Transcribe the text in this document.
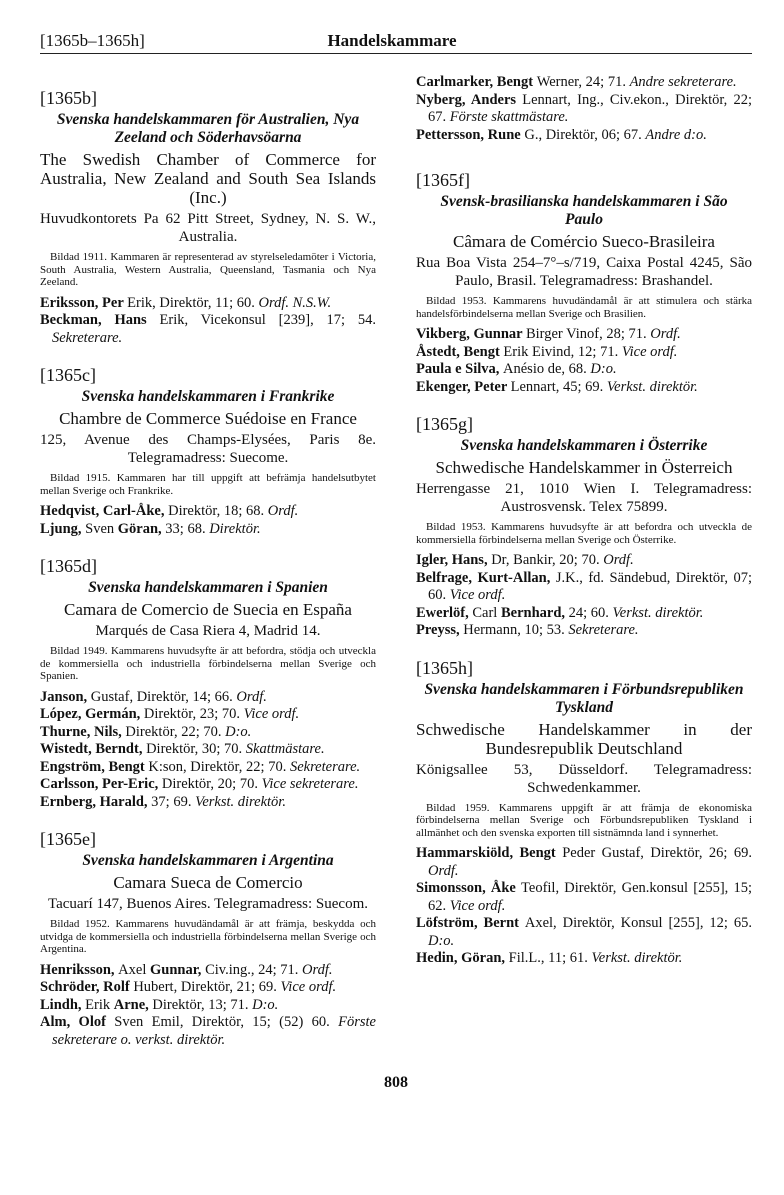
[1365b–1365h]	Handelskammare
[1365b]
Svenska handelskammaren för Australien, Nya Zeeland och Söderhavsöarna
The Swedish Chamber of Commerce for Australia, New Zealand and South Sea Islands (Inc.)
Huvudkontorets Pa 62 Pitt Street, Sydney, N. S. W., Australia.
Bildad 1911. Kammaren är representerad av styrelseledamöter i Victoria, South Australia, Western Australia, Queensland, Tasmania och Nya Zeeland.
Eriksson, Per Erik, Direktör, 11; 60. Ordf. N.S.W.
Beckman, Hans Erik, Vicekonsul [239], 17; 54. Sekreterare.
[1365c]
Svenska handelskammaren i Frankrike
Chambre de Commerce Suédoise en France
125, Avenue des Champs-Elysées, Paris 8e. Telegramadress: Suecome.
Bildad 1915. Kammaren har till uppgift att befrämja handelsutbytet mellan Sverige och Frankrike.
Hedqvist, Carl-Åke, Direktör, 18; 68. Ordf.
Ljung, Sven Göran, 33; 68. Direktör.
[1365d]
Svenska handelskammaren i Spanien
Camara de Comercio de Suecia en España
Marqués de Casa Riera 4, Madrid 14.
Bildad 1949. Kammarens huvudsyfte är att befordra, stödja och utveckla de kommersiella och industriella förbindelserna mellan Sverige och Spanien.
Janson, Gustaf, Direktör, 14; 66. Ordf.
López, Germán, Direktör, 23; 70. Vice ordf.
Thurne, Nils, Direktör, 22; 70. D:o.
Wistedt, Berndt, Direktör, 30; 70. Skattmästare.
Engström, Bengt K:son, Direktör, 22; 70. Sekreterare.
Carlsson, Per-Eric, Direktör, 20; 70. Vice sekreterare.
Ernberg, Harald, 37; 69. Verkst. direktör.
[1365e]
Svenska handelskammaren i Argentina
Camara Sueca de Comercio
Tacuarí 147, Buenos Aires. Telegramadress: Suecom.
Bildad 1952. Kammarens huvudändamål är att främja, beskydda och utvidga de kommersiella och industriella förbindelserna mellan Sverige och Argentina.
Henriksson, Axel Gunnar, Civ.ing., 24; 71. Ordf.
Schröder, Rolf Hubert, Direktör, 21; 69. Vice ordf.
Lindh, Erik Arne, Direktör, 13; 71. D:o.
Alm, Olof Sven Emil, Direktör, 15; (52) 60. Förste sekreterare o. verkst. direktör.
Carlmarker, Bengt Werner, 24; 71. Andre sekreterare.
Nyberg, Anders Lennart, Ing., Civ.ekon., Direktör, 22; 67. Förste skattmästare.
Pettersson, Rune G., Direktör, 06; 67. Andre d:o.
[1365f]
Svensk-brasilianska handelskammaren i São Paulo
Câmara de Comércio Sueco-Brasileira
Rua Boa Vista 254–7°–s/719, Caixa Postal 4245, São Paulo, Brasil. Telegramadress: Brashandel.
Bildad 1953. Kammarens huvudändamål är att stimulera och stärka handelsförbindelserna mellan Sverige och Brasilien.
Vikberg, Gunnar Birger Vinof, 28; 71. Ordf.
Åstedt, Bengt Erik Eivind, 12; 71. Vice ordf.
Paula e Silva, Anésio de, 68. D:o.
Ekenger, Peter Lennart, 45; 69. Verkst. direktör.
[1365g]
Svenska handelskammaren i Österrike
Schwedische Handelskammer in Österreich
Herrengasse 21, 1010 Wien I. Telegramadress: Austrosvensk. Telex 75899.
Bildad 1953. Kammarens huvudsyfte är att befordra och utveckla de kommersiella förbindelserna mellan Sverige och Österrike.
Igler, Hans, Dr, Bankir, 20; 70. Ordf.
Belfrage, Kurt-Allan, J.K., fd. Sändebud, Direktör, 07; 60. Vice ordf.
Ewerlöf, Carl Bernhard, 24; 60. Verkst. direktör.
Preyss, Hermann, 10; 53. Sekreterare.
[1365h]
Svenska handelskammaren i Förbundsrepubliken Tyskland
Schwedische Handelskammer in der Bundesrepublik Deutschland
Königsallee 53, Düsseldorf. Telegramadress: Schwedenkammer.
Bildad 1959. Kammarens uppgift är att främja de ekonomiska förbindelserna mellan Sverige och Förbundsrepubliken Tyskland i allmänhet och den svenska exporten till sistnämnda land i synnerhet.
Hammarskiöld, Bengt Peder Gustaf, Direktör, 26; 69. Ordf.
Simonsson, Åke Teofil, Direktör, Gen.konsul [255], 15; 62. Vice ordf.
Löfström, Bernt Axel, Direktör, Konsul [255], 12; 65. D:o.
Hedin, Göran, Fil.L., 11; 61. Verkst. direktör.
808
